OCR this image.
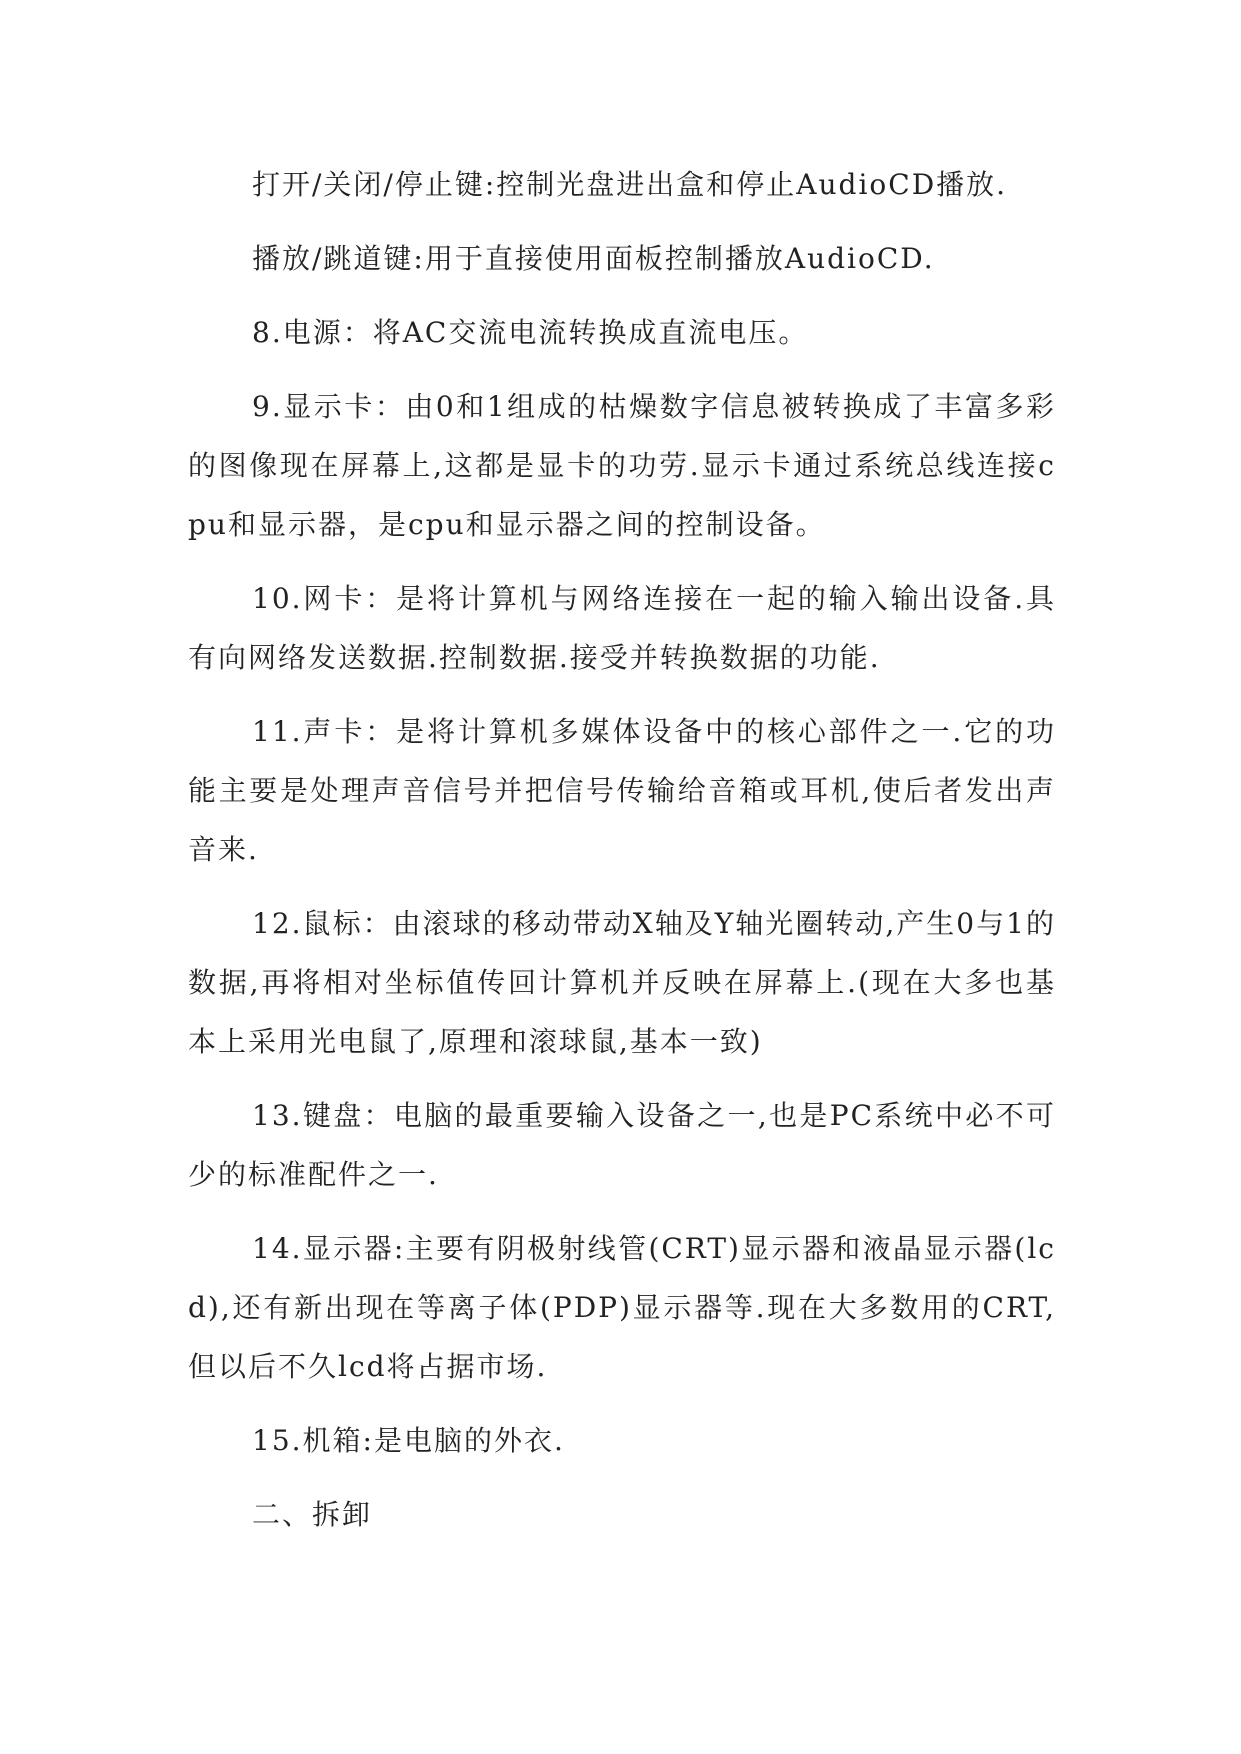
打开/关闭/停止键:控制光盘进出盒和停止AudioCD播放.

播放/跳道键:用于直接使用面板控制播放AudioCD.

8.电源：将AC交流电流转换成直流电压。

9.显示卡：由0和1组成的枯燥数字信息被转换成了丰富多彩的图像现在屏幕上,这都是显卡的功劳.显示卡通过系统总线连接cpu和显示器，是cpu和显示器之间的控制设备。

10.网卡：是将计算机与网络连接在一起的输入输出设备.具有向网络发送数据.控制数据.接受并转换数据的功能.

11.声卡：是将计算机多媒体设备中的核心部件之一.它的功能主要是处理声音信号并把信号传输给音箱或耳机,使后者发出声音来.

12.鼠标：由滚球的移动带动X轴及Y轴光圈转动,产生0与1的数据,再将相对坐标值传回计算机并反映在屏幕上.(现在大多也基本上采用光电鼠了,原理和滚球鼠,基本一致)

13.键盘：电脑的最重要输入设备之一,也是PC系统中必不可少的标准配件之一.

14.显示器:主要有阴极射线管(CRT)显示器和液晶显示器(lcd),还有新出现在等离子体(PDP)显示器等.现在大多数用的CRT,但以后不久lcd将占据市场.

15.机箱:是电脑的外衣.

二、拆卸
